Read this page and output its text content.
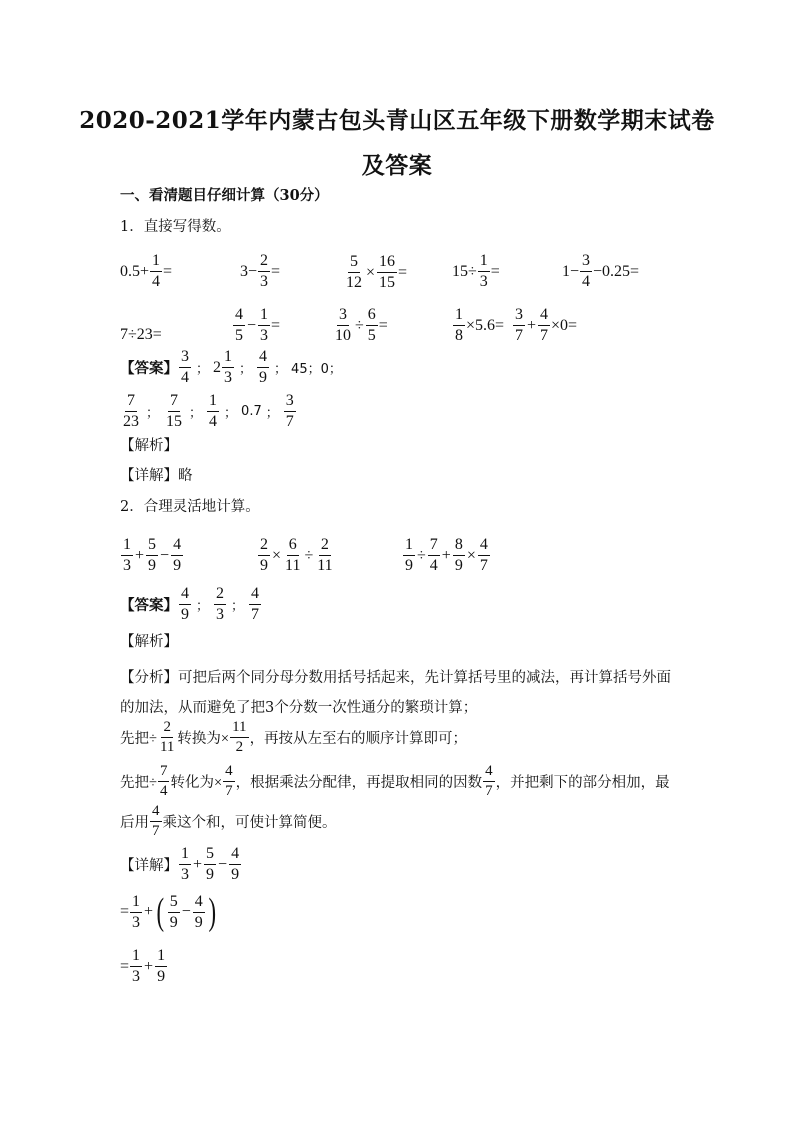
2020-2021学年内蒙古包头青山区五年级下册数学期末试卷
及答案
一、看清题目仔细计算（30分）
1．直接写得数。
$0.5+ \frac{1}{4}$ =	$3- \frac{2}{3}$ =	$\frac{5}{12} \times \frac{16}{15}$ =	$15\div \frac{1}{3}$ =	$1- \frac{3}{4} -0.25=$
7÷23=	$\frac{4}{5} - \frac{1}{3}$ =	$\frac{3}{10} \div \frac{6}{5}$ =	$\frac{1}{8} \times 5.6= \frac{3}{7} + \frac{4}{7} \times 0=$
【答案】 $\frac{3}{4}$ ； $2 \frac{1}{3}$ ； $\frac{4}{9}$ ； 45；0；
$\frac{7}{23}$ ； $\frac{7}{15}$ ； $\frac{1}{4}$ ； 0.7 ； $\frac{3}{7}$
【解析】
【详解】略
2．合理灵活地计算。
$\frac{1}{3} + \frac{5}{9} - \frac{4}{9}$	$\frac{2}{9} \times \frac{6}{11} \div \frac{2}{11}$	$\frac{1}{9} \div \frac{7}{4} + \frac{8}{9} \times \frac{4}{7}$
【答案】 $\frac{4}{9}$ ； $\frac{2}{3}$ ； $\frac{4}{7}$
【解析】
【分析】可把后两个同分母分数用括号括起来，先计算括号里的减法，再计算括号外面的加法，从而避免了把3个分数一次性通分的繁琐计算；
先把÷ $\frac{2}{11}$ 转换为× $\frac{11}{2}$ ，再按从左至右的顺序计算即可；
先把÷ $\frac{7}{4}$ 转化为× $\frac{4}{7}$ ，根据乘法分配律，再提取相同的因数 $\frac{4}{7}$ ，并把剩下的部分相加，最
后用 $\frac{4}{7}$ 乘这个和，可使计算简便。
【详解】 $\frac{1}{3} + \frac{5}{9} - \frac{4}{9}$
= $\frac{1}{3}$ + ( $\frac{5}{9} - \frac{4}{9}$ )
= $\frac{1}{3} + \frac{1}{9}$
